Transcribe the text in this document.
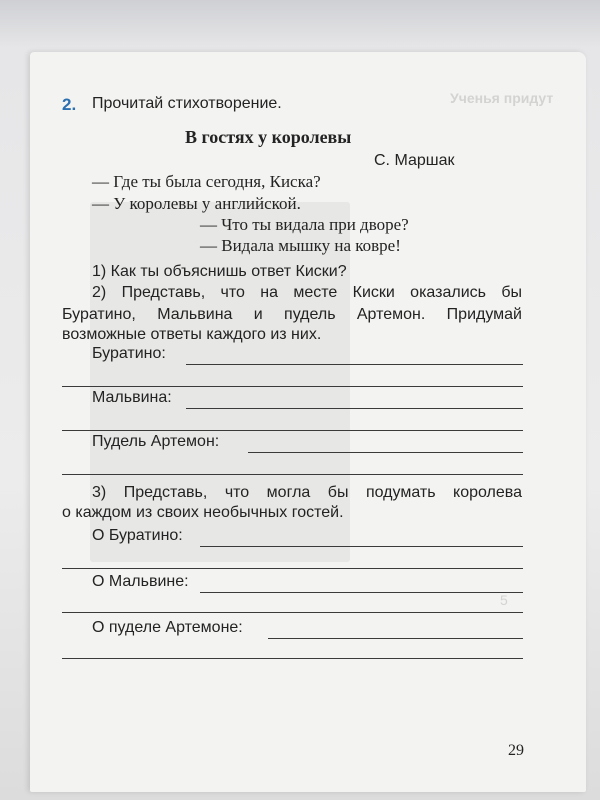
Ученья придут
5
2. Прочитай стихотворение.
В гостях у королевы
С. Маршак
— Где ты была сегодня, Киска?
— У королевы у английской.
— Что ты видала при дворе?
— Видала мышку на ковре!
1) Как ты объяснишь ответ Киски?
2) Представь, что на месте Киски оказались бы
Буратино, Мальвина и пудель Артемон. Придумай
возможные ответы каждого из них.
Буратино:
Мальвина:
Пудель Артемон:
3) Представь, что могла бы подумать королева
о каждом из своих необычных гостей.
О Буратино:
О Мальвине:
О пуделе Артемоне:
29
